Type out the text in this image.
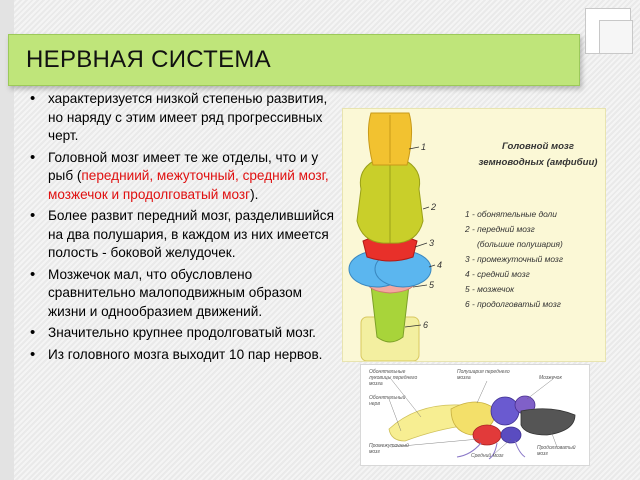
НЕРВНАЯ СИСТЕМА
• характеризуется низкой степенью развития, но наряду с этим имеет ряд прогрессивных черт.
• Головной мозг имеет те же отделы, что и у рыб (передниий, межуточный, средний мозг, мозжечок и продолговатый мозг).
• Более развит передний мозг, разделившийся на два полушария, в каждом из них имеется полость - боковой желудочек.
• Мозжечок мал, что обусловлено сравнительно малоподвижным образом жизни и однообразием движений.
• Значительно крупнее продолговатый мозг.
• Из головного мозга выходит 10 пар нервов.
1
2
3
4
5
6
Головной мозг
земноводных (амфибии)
1 - обонятельные доли
2 - передний мозг
(большие полушария)
3 - промежуточный мозг
4 - средний мозг
5 - мозжечок
6 - продолговатый мозг
Обонятельные луковицы переднего мозга
Полушария переднего мозга	Мозжечок
Обонятельный нерв
Промежуточный мозг
Средний мозг
Продолговатый мозг
